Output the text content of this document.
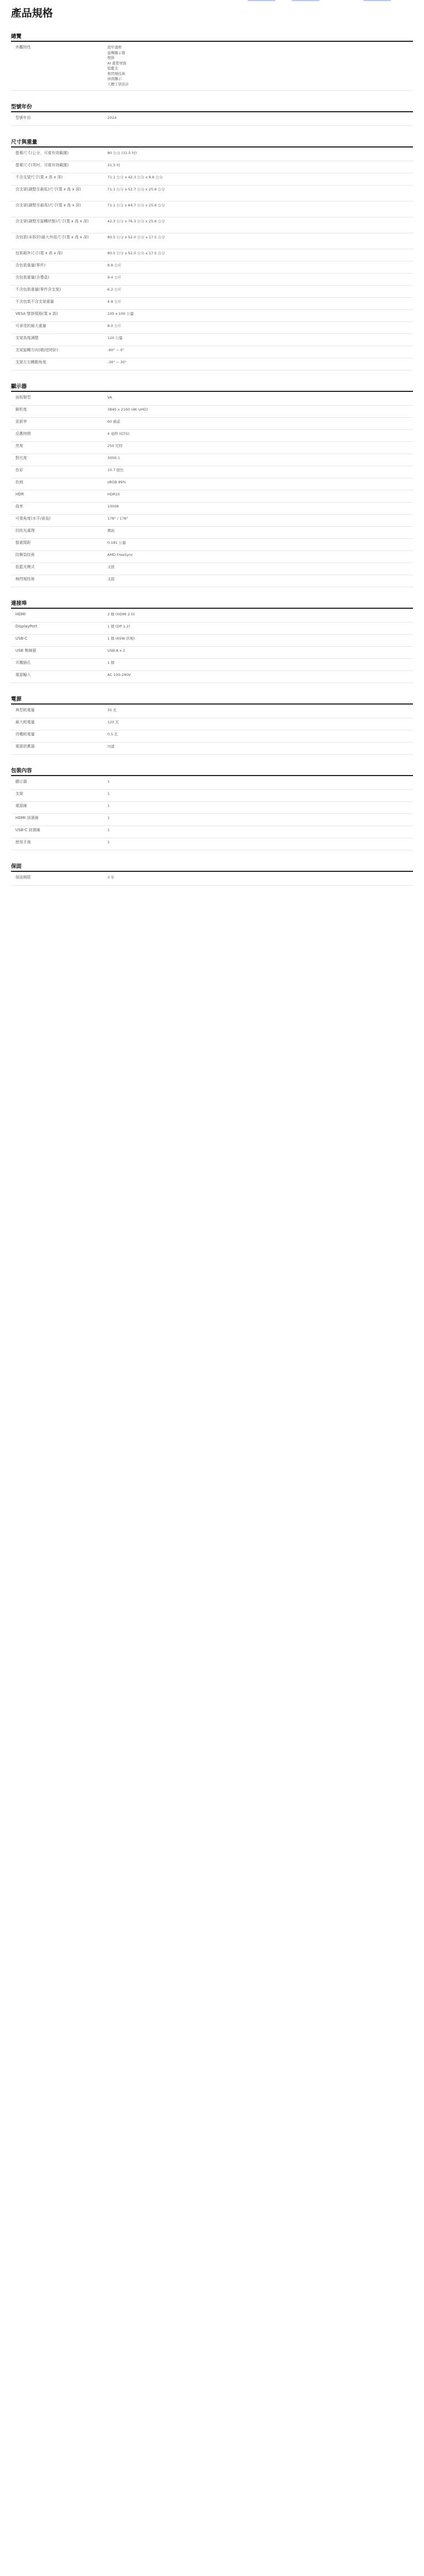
產品規格
總覽
外觀特性	超窄邊框
旋轉顯示器
壁掛
AI 畫質增強
低藍光
無閃頻技術
曲面顯示
人體工學設計
型號年份
型號年份	2024
尺寸與重量
螢幕尺寸(公分，可視有效範圍)	80 公分 (31.5 吋)
螢幕尺寸(英吋，可視有效範圍)	31.5 吋
不含支架尺寸(寬 x 高 x 深)	71.1 公分 x 42.3 公分 x 8.6 公分
含支架(調整至最低)尺寸(寬 x 高 x 深)	71.1 公分 x 52.7 公分 x 25.6 公分
含支架(調整至最高)尺寸(寬 x 高 x 深)	71.1 公分 x 64.7 公分 x 25.6 公分
含支架(調整至旋轉狀態)尺寸(寬 x 高 x 深)	42.3 公分 x 76.3 公分 x 25.6 公分
含包裝(未拆封)最大外部尺寸(寬 x 高 x 深)	80.5 公分 x 52.0 公分 x 17.5 公分
包裝箱外尺寸(寬 x 高 x 深)	80.5 公分 x 52.0 公分 x 17.5 公分
含包裝重量(單件)	8.8 公斤
含包裝重量(含禮盒)	9.4 公斤
不含包裝重量(單件含支架)	6.2 公斤
不含包裝不含支架重量	4.8 公斤
VESA 壁掛規格(寬 x 高)	100 x 100 公釐
可承受的最大重量	8.0 公斤
支架高度調整	120 公釐
支架旋轉方向(順/逆時針)	-90° ~ 0°
支架左右轉動角度	-30° ~ 30°
顯示器
面板類型	VA
解析度	3840 x 2160 (4K UHD)
更新率	60 赫茲
反應時間	4 毫秒 (GTG)
亮度	250 尼特
對比度	3000:1
色彩	10.7 億色
色域	sRGB 99%
HDR	HDR10
曲率	1000R
可視角度(水平/垂直)	178° / 178°
抗眩光處理	霧面
像素間距	0.181 公釐
防撕裂技術	AMD FreeSync
低藍光模式	支援
無閃頻技術	支援
連接埠
HDMI	2 個 (HDMI 2.0)
DisplayPort	1 個 (DP 1.2)
USB-C	1 個 (65W 供電)
USB 集線器	USB-A x 2
耳機插孔	1 個
電源輸入	AC 100-240V
電源
典型耗電量	35 瓦
最大耗電量	120 瓦
待機耗電量	0.5 瓦
電源供應器	內建
包裝內容
顯示器	1
支架	1
電源線	1
HDMI 訊號線	1
USB-C 訊號線	1
使用手冊	1
保固
保固期限	3 年
